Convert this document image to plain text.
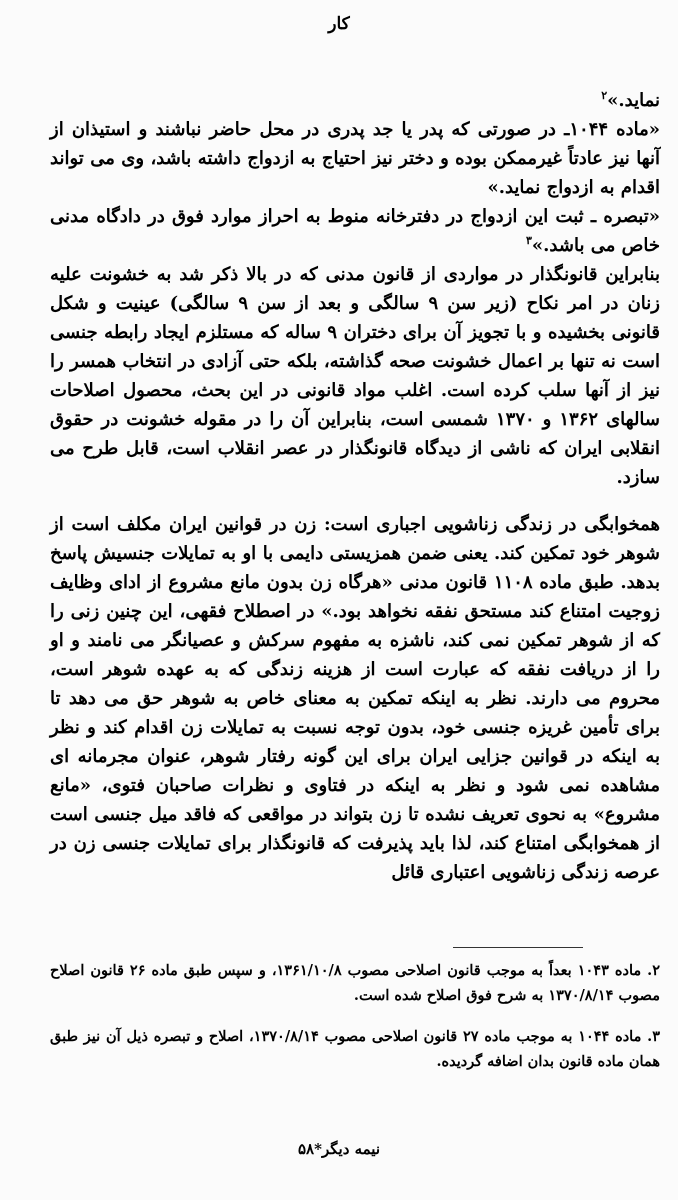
کار

نماید.»$^۲$

«ماده ۱۰۴۴ـ در صورتی که پدر یا جد پدری در محل حاضر نباشند و استیذان از آنها نیز عادتاً غیرممکن بوده و دختر نیز احتیاج به ازدواج داشته باشد، وی می تواند اقدام به ازدواج نماید.»

«تبصره ـ ثبت این ازدواج در دفترخانه منوط به احراز موارد فوق در دادگاه مدنی خاص می باشد.»$^۳$

بنابراین قانونگذار در مواردی از قانون مدنی که در بالا ذکر شد به خشونت علیه زنان در امر نکاح (زیر سن ۹ سالگی و بعد از سن ۹ سالگی) عینیت و شکل قانونی بخشیده و با تجویز آن برای دختران ۹ ساله که مستلزم ایجاد رابطه جنسی است نه تنها بر اعمال خشونت صحه گذاشته، بلکه حتی آزادی در انتخاب همسر را نیز از آنها سلب کرده است. اغلب مواد قانونی در این بحث، محصول اصلاحات سالهای ۱۳۶۲ و ۱۳۷۰ شمسی است، بنابراین آن را در مقوله خشونت در حقوق انقلابی ایران که ناشی از دیدگاه قانونگذار در عصر انقلاب است، قابل طرح می سازد.

همخوابگی در زندگی زناشویی اجباری است: زن در قوانین ایران مکلف است از شوهر خود تمکین کند. یعنی ضمن همزیستی دایمی با او به تمایلات جنسیش پاسخ بدهد. طبق ماده ۱۱۰۸ قانون مدنی «هرگاه زن بدون مانع مشروع از ادای وظایف زوجیت امتناع کند مستحق نفقه نخواهد بود.» در اصطلاح فقهی، این چنین زنی را که از شوهر تمکین نمی کند، ناشزه به مفهوم سرکش و عصیانگر می نامند و او را از دریافت نفقه که عبارت است از هزینه زندگی که به عهده شوهر است، محروم می دارند. نظر به اینکه تمکین به معنای خاص به شوهر حق می دهد تا برای تأمین غریزه جنسی خود، بدون توجه نسبت به تمایلات زن اقدام کند و نظر به اینکه در قوانین جزایی ایران برای این گونه رفتار شوهر، عنوان مجرمانه ای مشاهده نمی شود و نظر به اینکه در فتاوی و نظرات صاحبان فتوی، «مانع مشروع» به نحوی تعریف نشده تا زن بتواند در مواقعی که فاقد میل جنسی است از همخوابگی امتناع کند، لذا باید پذیرفت که قانونگذار برای تمایلات جنسی زن در عرصه زندگی زناشویی اعتباری قائل

۲. ماده ۱۰۴۳ بعداً به موجب قانون اصلاحی مصوب ۱۳۶۱/۱۰/۸، و سپس طبق ماده ۲۶ قانون اصلاح مصوب ۱۳۷۰/۸/۱۴ به شرح فوق اصلاح شده است.

۳. ماده ۱۰۴۴ به موجب ماده ۲۷ قانون اصلاحی مصوب ۱۳۷۰/۸/۱۴، اصلاح و تبصره ذیل آن نیز طبق همان ماده قانون بدان اضافه گردیده.

نیمه دیگر*۵۸
